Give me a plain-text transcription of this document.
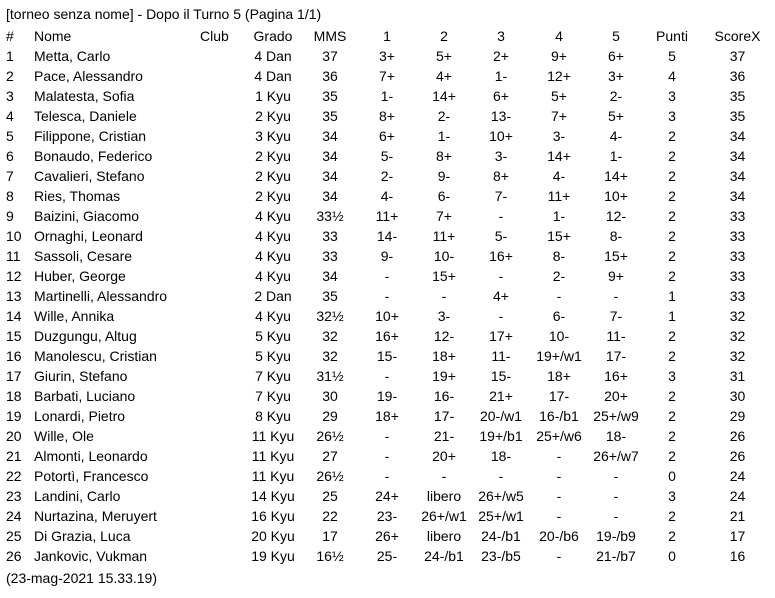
[torneo senza nome] - Dopo il Turno 5 (Pagina 1/1)
#	Nome	Club	Grado	MMS	1	2	3	4	5	Punti	ScoreX
1	Metta, Carlo		4 Dan	37	3+	5+	2+	9+	6+	5	37
2	Pace, Alessandro		4 Dan	36	7+	4+	1-	12+	3+	4	36
3	Malatesta, Sofia		1 Kyu	35	1-	14+	6+	5+	2-	3	35
4	Telesca, Daniele		2 Kyu	35	8+	2-	13-	7+	5+	3	35
5	Filippone, Cristian		3 Kyu	34	6+	1-	10+	3-	4-	2	34
6	Bonaudo, Federico		2 Kyu	34	5-	8+	3-	14+	1-	2	34
7	Cavalieri, Stefano		2 Kyu	34	2-	9-	8+	4-	14+	2	34
8	Ries, Thomas		2 Kyu	34	4-	6-	7-	11+	10+	2	34
9	Baizini, Giacomo		4 Kyu	33½	11+	7+	-	1-	12-	2	33
10	Ornaghi, Leonard		4 Kyu	33	14-	11+	5-	15+	8-	2	33
11	Sassoli, Cesare		4 Kyu	33	9-	10-	16+	8-	15+	2	33
12	Huber, George		4 Kyu	34	-	15+	-	2-	9+	2	33
13	Martinelli, Alessandro		2 Dan	35	-	-	4+	-	-	1	33
14	Wille, Annika		4 Kyu	32½	10+	3-	-	6-	7-	1	32
15	Duzgungu, Altug		5 Kyu	32	16+	12-	17+	10-	11-	2	32
16	Manolescu, Cristian		5 Kyu	32	15-	18+	11-	19+/w1	17-	2	32
17	Giurin, Stefano		7 Kyu	31½	-	19+	15-	18+	16+	3	31
18	Barbati, Luciano		7 Kyu	30	19-	16-	21+	17-	20+	2	30
19	Lonardi, Pietro		8 Kyu	29	18+	17-	20-/w1	16-/b1	25+/w9	2	29
20	Wille, Ole		11 Kyu	26½	-	21-	19+/b1	25+/w6	18-	2	26
21	Almonti, Leonardo		11 Kyu	27	-	20+	18-	-	26+/w7	2	26
22	Potortì, Francesco		11 Kyu	26½	-	-	-	-	-	0	24
23	Landini, Carlo		14 Kyu	25	24+	libero	26+/w5	-	-	3	24
24	Nurtazina, Meruyert		16 Kyu	22	23-	26+/w1	25+/w1	-	-	2	21
25	Di Grazia, Luca		20 Kyu	17	26+	libero	24-/b1	20-/b6	19-/b9	2	17
26	Jankovic, Vukman		19 Kyu	16½	25-	24-/b1	23-/b5	-	21-/b7	0	16
(23-mag-2021 15.33.19)
